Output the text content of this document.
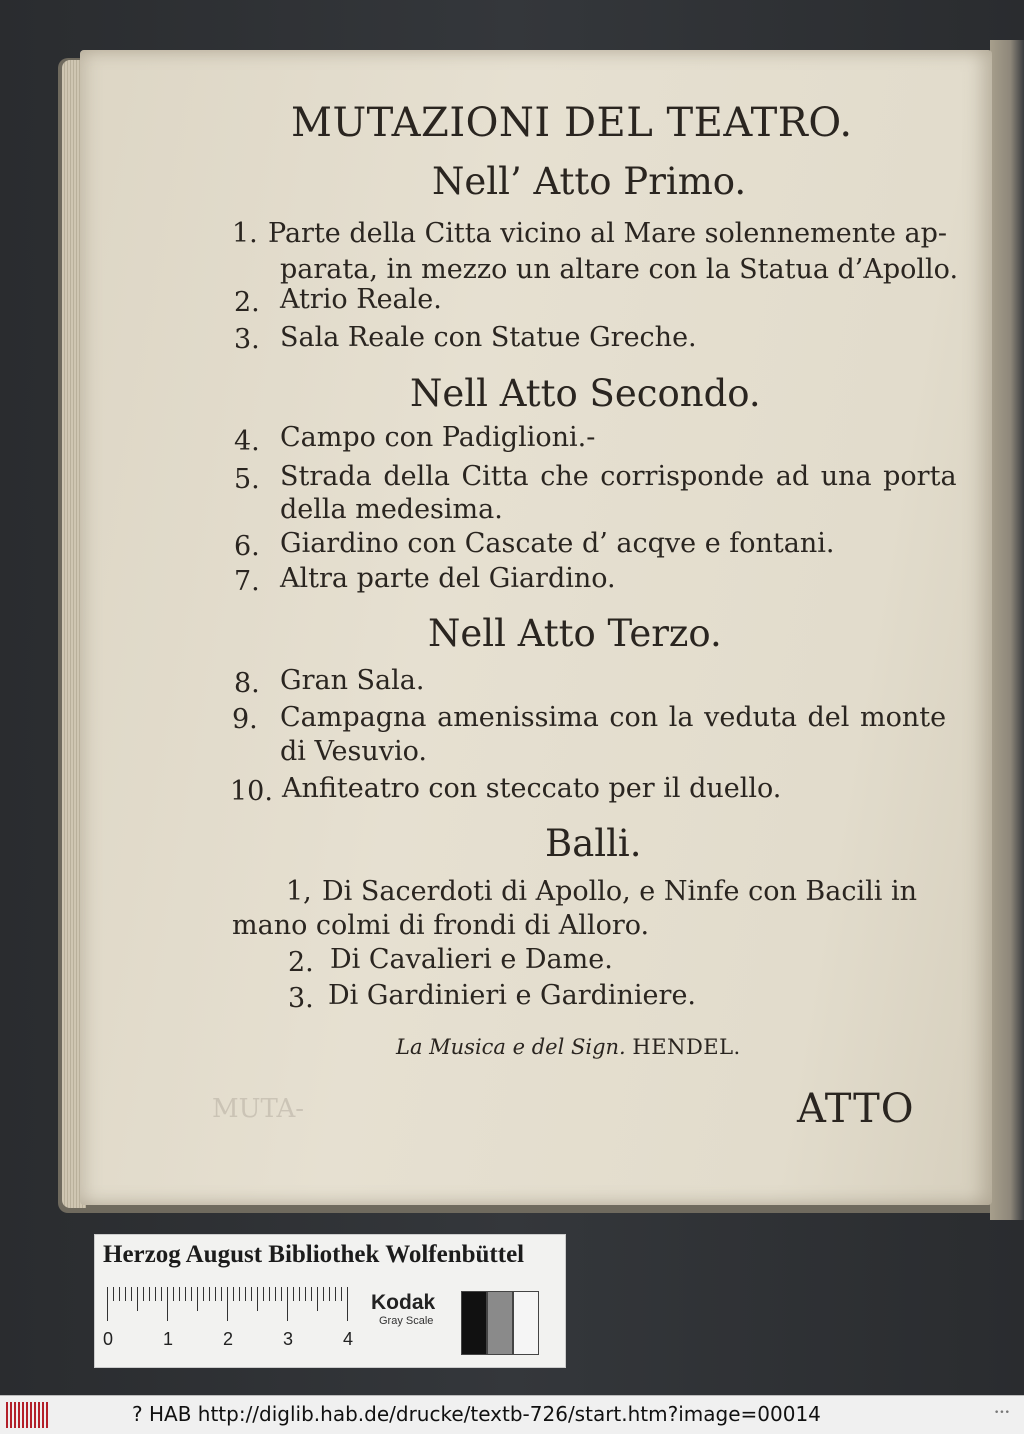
MUTA-
MUTAZIONI DEL TEATRO.
Nell’ Atto Primo.
1. Parte della Citta vicino al Mare solennemente ap-
parata, in mezzo un altare con la Statua d’Apollo.
2. Atrio Reale.
3. Sala Reale con Statue Greche.
Nell Atto Secondo.
4. Campo con Padiglioni.-
5. Strada della Citta che corrisponde ad una porta
della medesima.
6. Giardino con Cascate d’ acqve e fontani.
7. Altra parte del Giardino.
Nell Atto Terzo.
8. Gran Sala.
9. Campagna amenissima con la veduta del monte
di Vesuvio.
10. Anfiteatro con steccato per il duello.
Balli.
1, Di Sacerdoti di Apollo, e Ninfe con Bacili in
mano colmi di frondi di Alloro.
2. Di Cavalieri e Dame.
3. Di Gardinieri e Gardiniere.
La Musica e del Sign. HENDEL.
ATTO
Herzog August Bibliothek Wolfenbüttel
0	1	2	3	4
Kodak
Gray Scale
? HAB http://diglib.hab.de/drucke/textb-726/start.htm?image=00014	•••
